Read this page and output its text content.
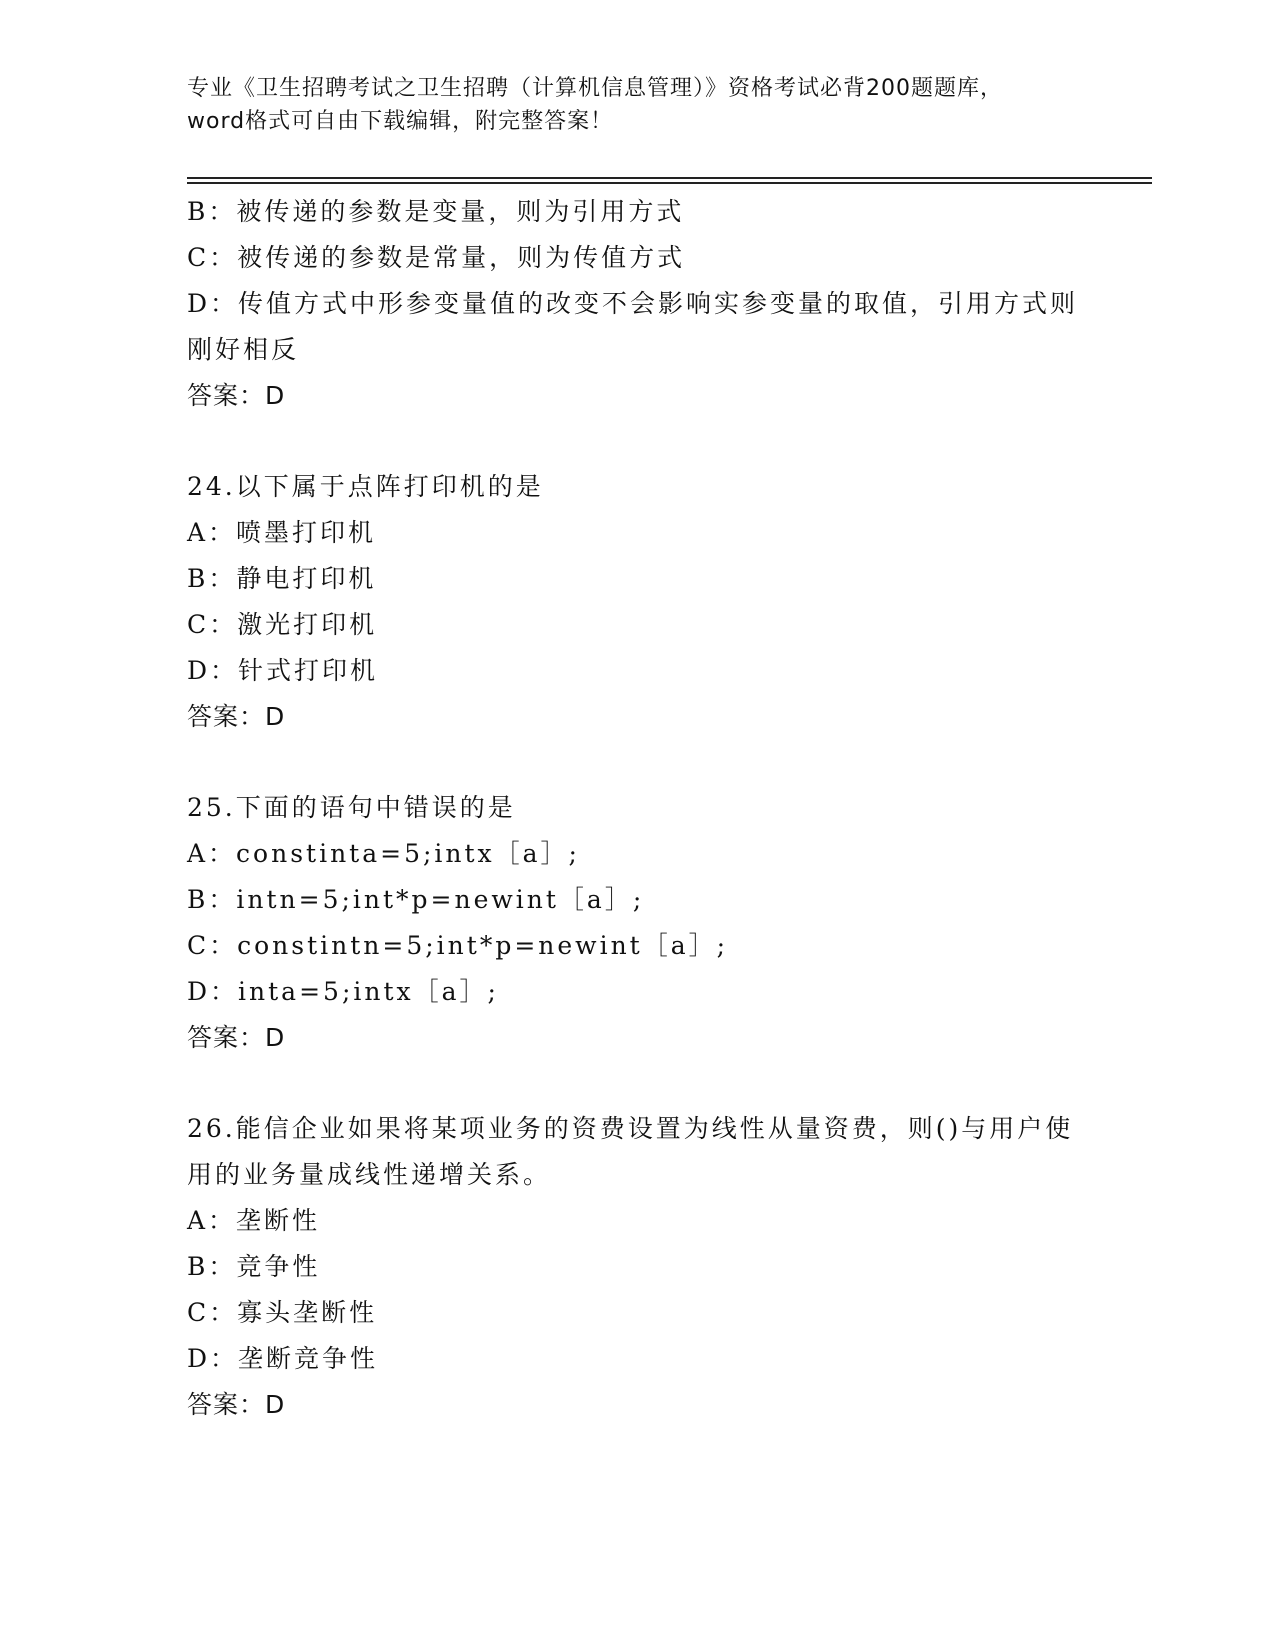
专业《卫生招聘考试之卫生招聘（计算机信息管理）》资格考试必背200题题库，
word格式可自由下载编辑，附完整答案！
B：被传递的参数是变量，则为引用方式
C：被传递的参数是常量，则为传值方式
D：传值方式中形参变量值的改变不会影响实参变量的取值，引用方式则刚好相反
答案：D
24.以下属于点阵打印机的是
A：喷墨打印机
B：静电打印机
C：激光打印机
D：针式打印机
答案：D
25.下面的语句中错误的是
A：constinta=5;intx［a］;
B：intn=5;int*p=newint［a］;
C：constintn=5;int*p=newint［a］;
D：inta=5;intx［a］;
答案：D
26.能信企业如果将某项业务的资费设置为线性从量资费，则()与用户使用的业务量成线性递增关系。
A：垄断性
B：竞争性
C：寡头垄断性
D：垄断竞争性
答案：D
